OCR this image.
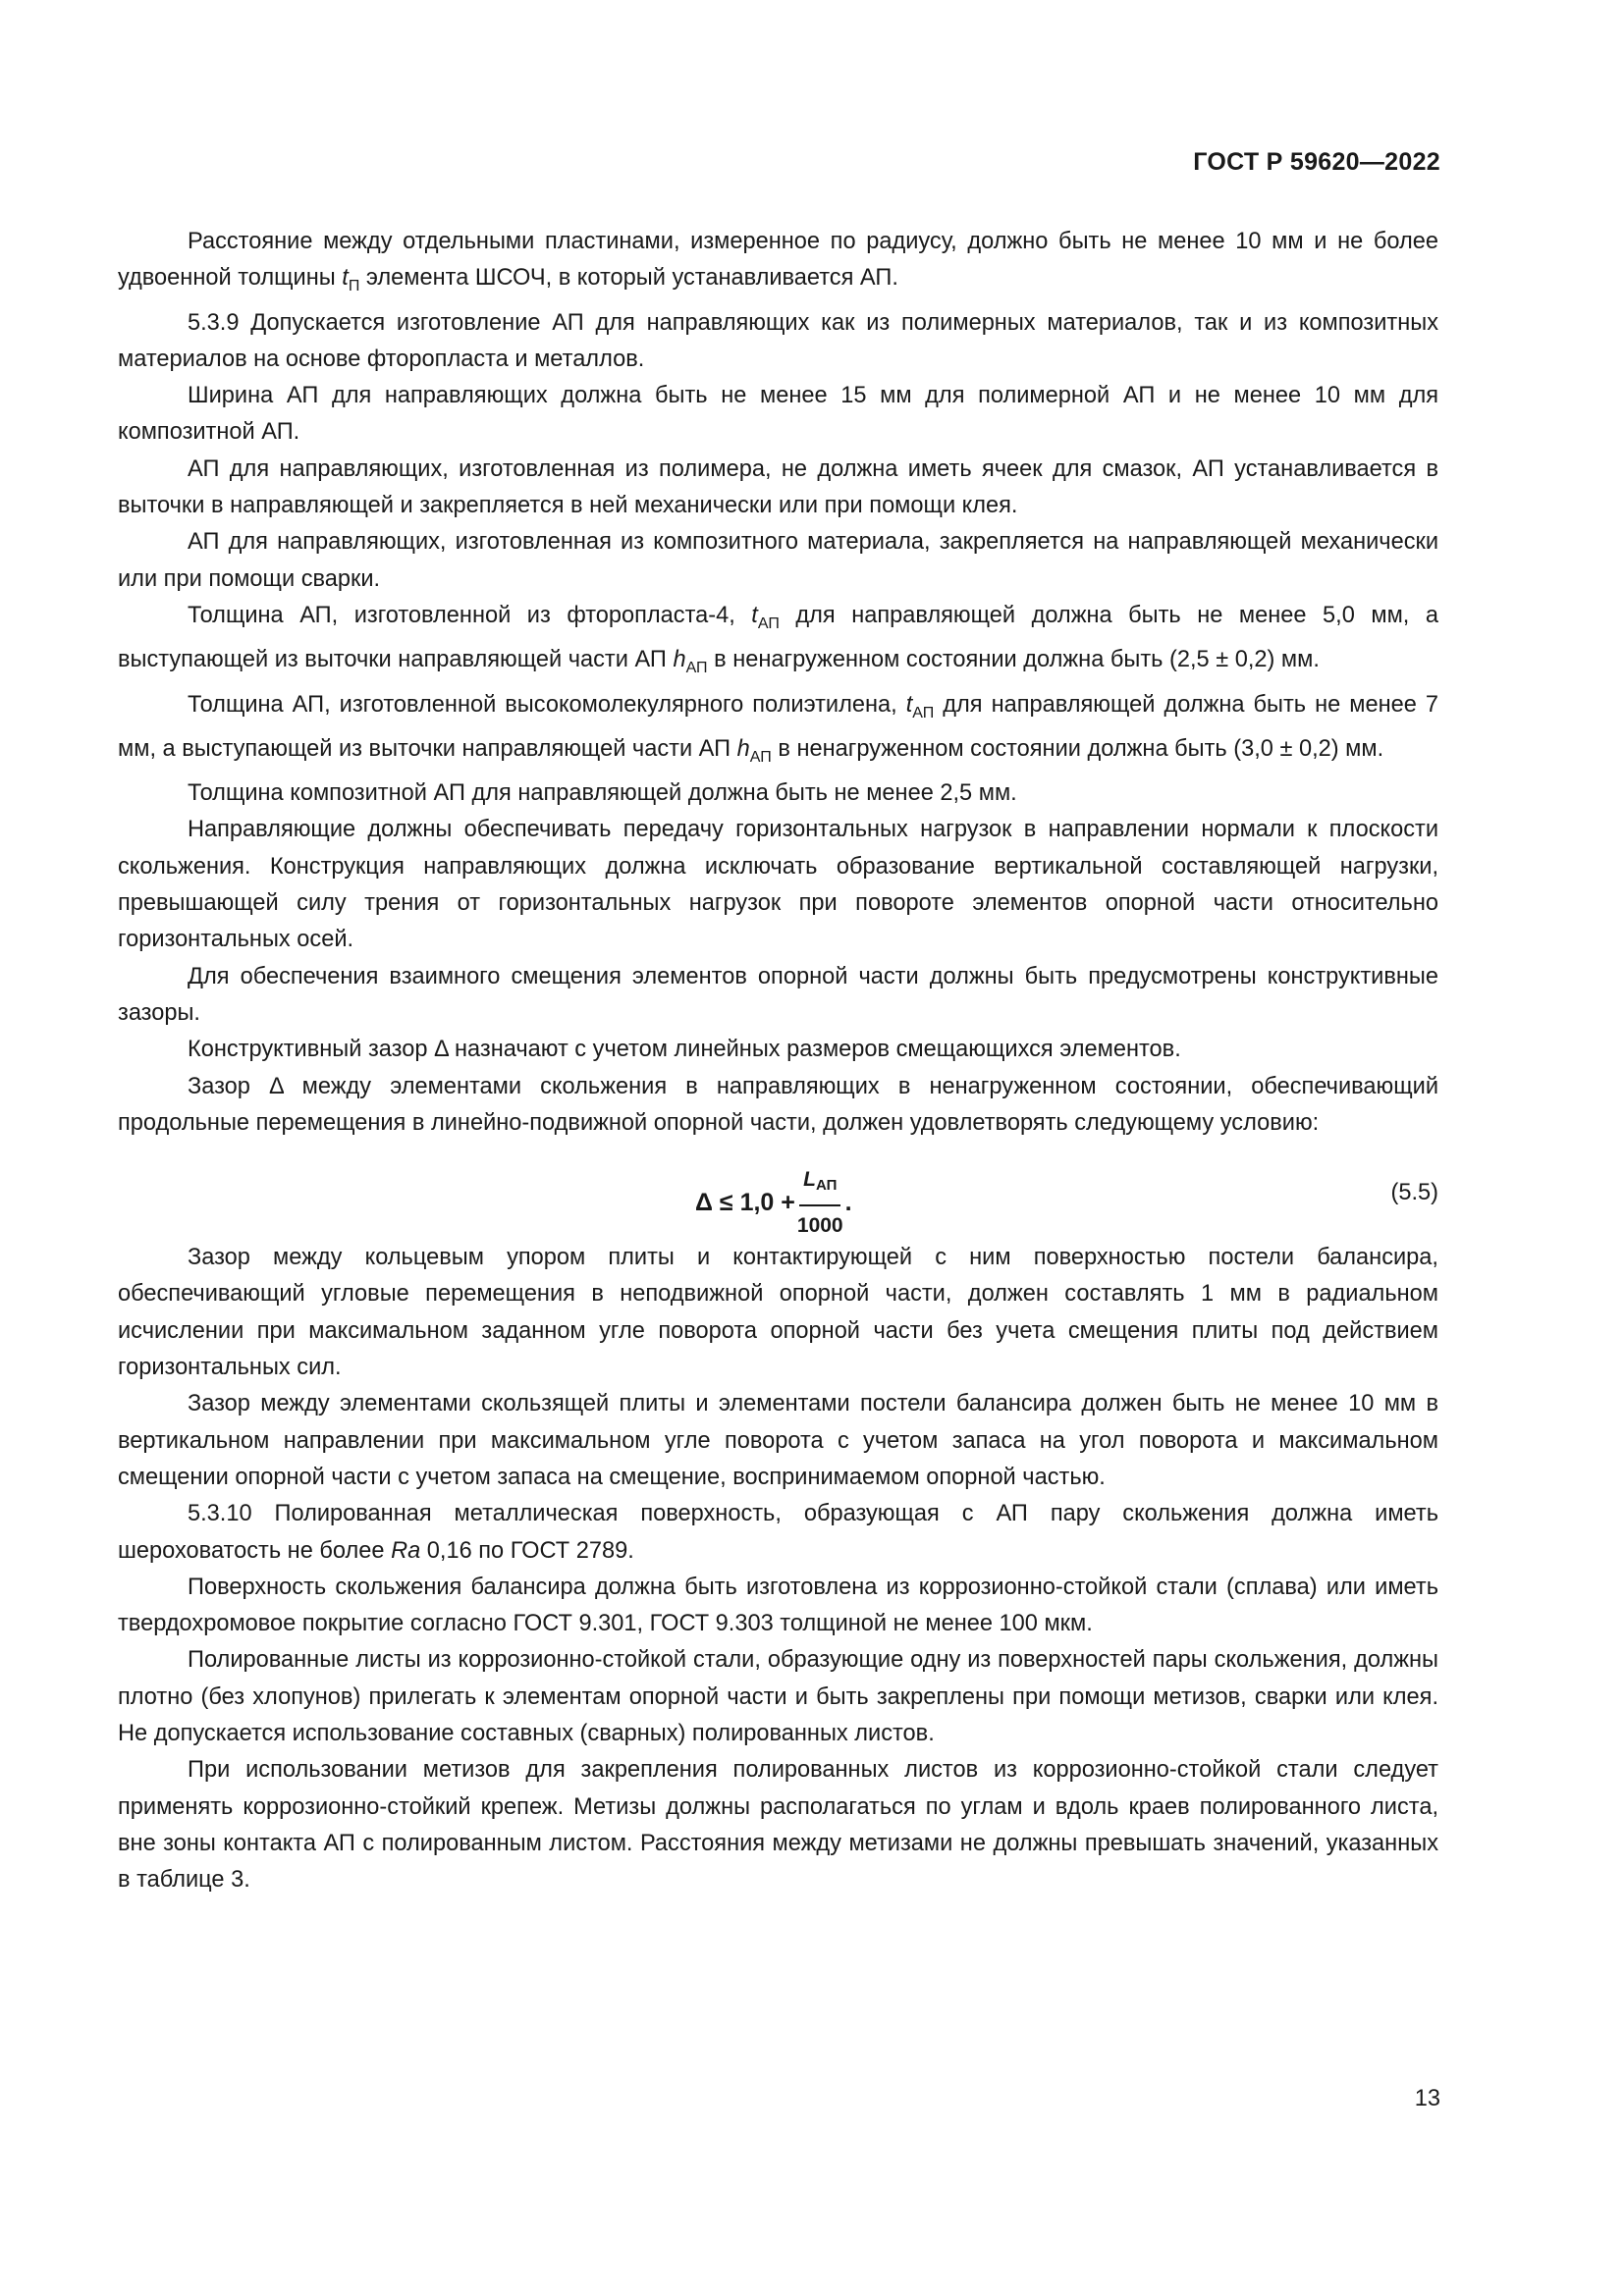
ГОСТ Р 59620—2022

Расстояние между отдельными пластинами, измеренное по радиусу, должно быть не менее 10 мм и не более удвоенной толщины $t_П$ элемента ШСОЧ, в который устанавливается АП.

5.3.9 Допускается изготовление АП для направляющих как из полимерных материалов, так и из композитных материалов на основе фторопласта и металлов.

Ширина АП для направляющих должна быть не менее 15 мм для полимерной АП и не менее 10 мм для композитной АП.

АП для направляющих, изготовленная из полимера, не должна иметь ячеек для смазок, АП устанавливается в выточки в направляющей и закрепляется в ней механически или при помощи клея.

АП для направляющих, изготовленная из композитного материала, закрепляется на направляющей механически или при помощи сварки.

Толщина АП, изготовленной из фторопласта-4, $t_{АП}$ для направляющей должна быть не менее 5,0 мм, а выступающей из выточки направляющей части АП $h_{АП}$ в ненагруженном состоянии должна быть (2,5 ± 0,2) мм.

Толщина АП, изготовленной высокомолекулярного полиэтилена, $t_{АП}$ для направляющей должна быть не менее 7 мм, а выступающей из выточки направляющей части АП $h_{АП}$ в ненагруженном состоянии должна быть (3,0 ± 0,2) мм.

Толщина композитной АП для направляющей должна быть не менее 2,5 мм.

Направляющие должны обеспечивать передачу горизонтальных нагрузок в направлении нормали к плоскости скольжения. Конструкция направляющих должна исключать образование вертикальной составляющей нагрузки, превышающей силу трения от горизонтальных нагрузок при повороте элементов опорной части относительно горизонтальных осей.

Для обеспечения взаимного смещения элементов опорной части должны быть предусмотрены конструктивные зазоры.

Конструктивный зазор Δ назначают с учетом линейных размеров смещающихся элементов.

Зазор Δ между элементами скольжения в направляющих в ненагруженном состоянии, обеспечивающий продольные перемещения в линейно-подвижной опорной части, должен удовлетворять следующему условию:

$\Delta \le 1,0 + \frac{L_{АП}}{1000}$ .	(5.5)

Зазор между кольцевым упором плиты и контактирующей с ним поверхностью постели балансира, обеспечивающий угловые перемещения в неподвижной опорной части, должен составлять 1 мм в радиальном исчислении при максимальном заданном угле поворота опорной части без учета смещения плиты под действием горизонтальных сил.

Зазор между элементами скользящей плиты и элементами постели балансира должен быть не менее 10 мм в вертикальном направлении при максимальном угле поворота с учетом запаса на угол поворота и максимальном смещении опорной части с учетом запаса на смещение, воспринимаемом опорной частью.

5.3.10 Полированная металлическая поверхность, образующая с АП пару скольжения должна иметь шероховатость не более Ra 0,16 по ГОСТ 2789.

Поверхность скольжения балансира должна быть изготовлена из коррозионно-стойкой стали (сплава) или иметь твердохромовое покрытие согласно ГОСТ 9.301, ГОСТ 9.303 толщиной не менее 100 мкм.

Полированные листы из коррозионно-стойкой стали, образующие одну из поверхностей пары скольжения, должны плотно (без хлопунов) прилегать к элементам опорной части и быть закреплены при помощи метизов, сварки или клея. Не допускается использование составных (сварных) полированных листов.

При использовании метизов для закрепления полированных листов из коррозионно-стойкой стали следует применять коррозионно-стойкий крепеж. Метизы должны располагаться по углам и вдоль краев полированного листа, вне зоны контакта АП с полированным листом. Расстояния между метизами не должны превышать значений, указанных в таблице 3.

13
